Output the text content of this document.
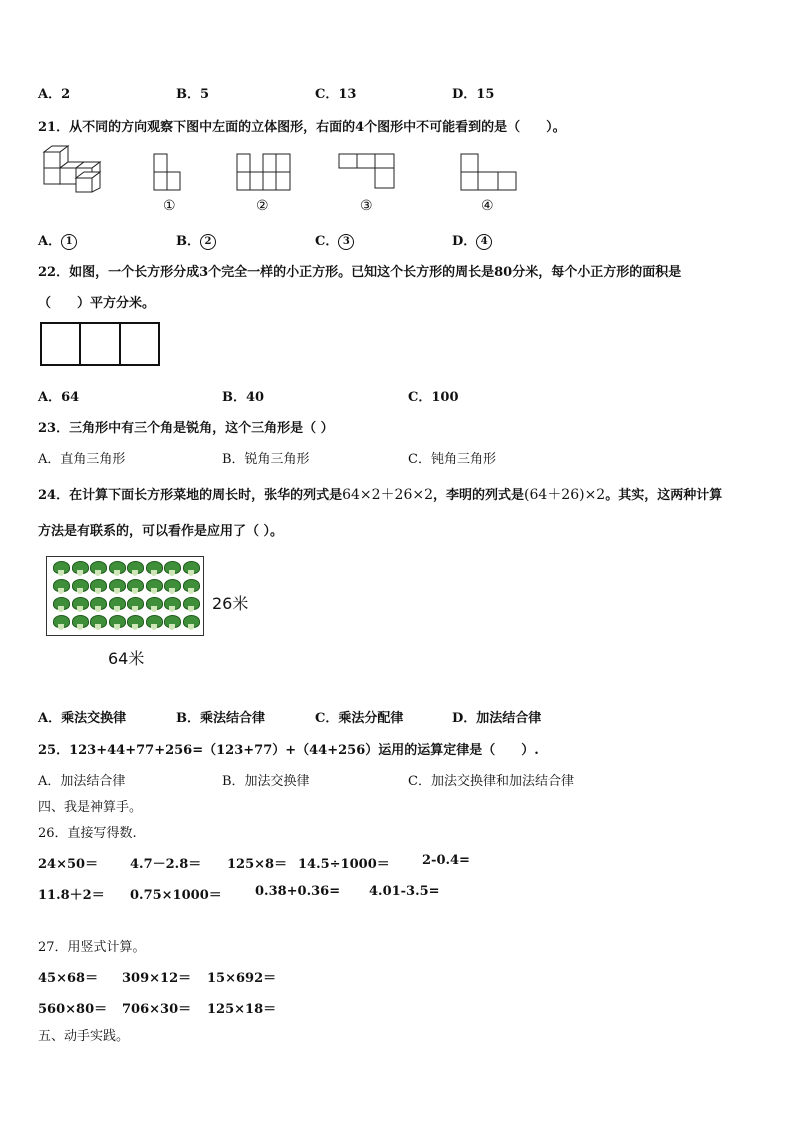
A．2	B．5	C．13	D．15
21．从不同的方向观察下图中左面的立体图形，右面的4个图形中不可能看到的是（　　）。
①	②	③	④
A． 1	B． 2	C． 3	D． 4
22．如图，一个长方形分成3个完全一样的小正方形。已知这个长方形的周长是80分米，每个小正方形的面积是
（　　）平方分米。
A．64	B．40	C．100
23．三角形中有三个角是锐角，这个三角形是（ ）
A．直角三角形	B．锐角三角形	C．钝角三角形
24．在计算下面长方形菜地的周长时，张华的列式是64×2＋26×2，李明的列式是(64＋26)×2。其实，这两种计算
方法是有联系的，可以看作是应用了（ ）。
26米
64米
A．乘法交换律	B．乘法结合律	C．乘法分配律	D．加法结合律
25．123+44+77+256=（123+77）+（44+256）运用的运算定律是（　　）.
A．加法结合律	B．加法交换律	C．加法交换律和加法结合律
四、我是神算手。
26．直接写得数.
24×50＝ 4.7－2.8＝ 125×8＝ 14.5÷1000＝ 2-0.4=
11.8＋2＝ 0.75×1000＝	0.38+0.36= 4.01-3.5=
27．用竖式计算。
45×68＝ 309×12＝ 15×692＝
560×80＝ 706×30＝ 125×18＝
五、动手实践。
